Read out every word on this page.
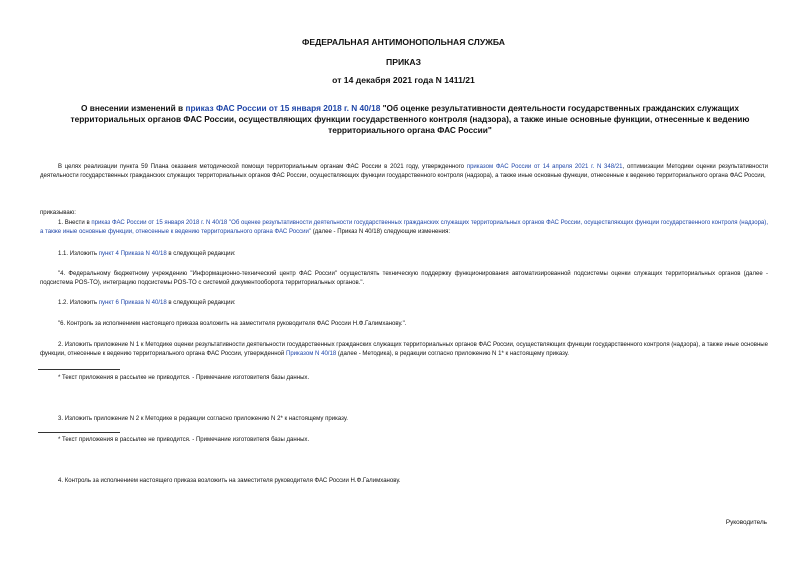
ФЕДЕРАЛЬНАЯ АНТИМОНОПОЛЬНАЯ СЛУЖБА
ПРИКАЗ
от 14 декабря 2021 года N 1411/21
О внесении изменений в приказ ФАС России от 15 января 2018 г. N 40/18 "Об оценке результативности деятельности государственных гражданских служащих территориальных органов ФАС России, осуществляющих функции государственного контроля (надзора), а также иные основные функции, отнесенные к ведению территориального органа ФАС России"
В целях реализации пункта 59 Плана оказания методической помощи территориальным органам ФАС России в 2021 году, утвержденного приказом ФАС России от 14 апреля 2021 г. N 348/21, оптимизации Методики оценки результативности деятельности государственных гражданских служащих территориальных органов ФАС России, осуществляющих функции государственного контроля (надзора), а также иные основные функции, отнесенные к ведению территориального органа ФАС России,
приказываю:
1. Внести в приказ ФАС России от 15 января 2018 г. N 40/18 "Об оценке результативности деятельности государственных гражданских служащих территориальных органов ФАС России, осуществляющих функции государственного контроля (надзора), а также иные основные функции, отнесенные к ведению территориального органа ФАС России" (далее - Приказ N 40/18) следующие изменения:
1.1. Изложить пункт 4 Приказа N 40/18 в следующей редакции:
"4. Федеральному бюджетному учреждению "Информационно-технический центр ФАС России" осуществлять техническую поддержку функционирования автоматизированной подсистемы оценки служащих территориальных органов (далее - подсистема POS-TO), интеграцию подсистемы POS-TO с системой документооборота территориальных органов.".
1.2. Изложить пункт 6 Приказа N 40/18 в следующей редакции:
"6. Контроль за исполнением настоящего приказа возложить на заместителя руководителя ФАС России Н.Ф.Галимханову.".
2. Изложить приложение N 1 к Методике оценки результативности деятельности государственных гражданских служащих территориальных органов ФАС России, осуществляющих функции государственного контроля (надзора), а также иные основные функции, отнесенные к ведению территориального органа ФАС России, утвержденной Приказом N 40/18 (далее - Методика), в редакции согласно приложению N 1* к настоящему приказу.
* Текст приложения в рассылке не приводится. - Примечание изготовителя базы данных.
3. Изложить приложение N 2 к Методике в редакции согласно приложению N 2* к настоящему приказу.
* Текст приложения в рассылке не приводится. - Примечание изготовителя базы данных.
4. Контроль за исполнением настоящего приказа возложить на заместителя руководителя ФАС России Н.Ф.Галимханову.
Руководитель
